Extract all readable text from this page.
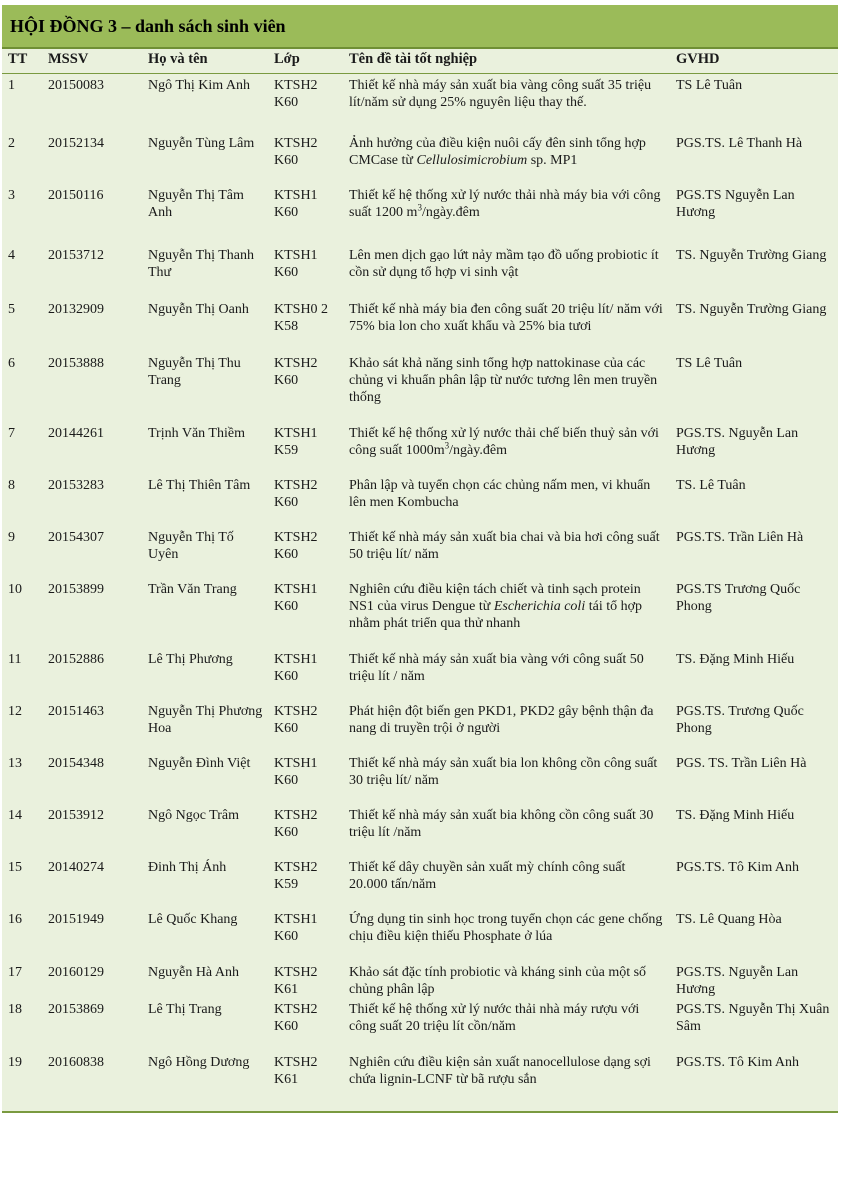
HỘI ĐỒNG 3 – danh sách sinh viên
TT	MSSV	Họ và tên	Lớp	Tên đề tài tốt nghiệp	GVHD
1	20150083	Ngô Thị Kim Anh	KTSH2 K60	Thiết kế nhà máy sản xuất bia vàng công suất 35 triệu lít/năm sử dụng 25% nguyên liệu thay thế.	TS Lê Tuân
2	20152134	Nguyễn Tùng Lâm	KTSH2 K60	Ảnh hưởng của điều kiện nuôi cấy đên sinh tổng hợp CMCase từ Cellulosimicrobium sp. MP1	PGS.TS. Lê Thanh Hà
3	20150116	Nguyễn Thị Tâm Anh	KTSH1 K60	Thiết kế hệ thống xử lý nước thải nhà máy bia với công suất 1200 $m^3/ngày.đêm$	PGS.TS Nguyễn Lan Hương
4	20153712	Nguyễn Thị Thanh Thư	KTSH1 K60	Lên men dịch gạo lứt nảy mầm tạo đồ uống probiotic ít cồn sử dụng tổ hợp vi sinh vật	TS. Nguyễn Trường Giang
5	20132909	Nguyễn Thị Oanh	KTSH0 2 K58	Thiết kế nhà máy bia đen công suất 20 triệu lít/ năm với 75% bia lon cho xuất khẩu và 25% bia tươi	TS. Nguyễn Trường Giang
6	20153888	Nguyễn Thị Thu Trang	KTSH2 K60	Khảo sát khả năng sinh tổng hợp nattokinase của các chủng vi khuẩn phân lập từ nước tương lên men truyền thống	TS Lê Tuân
7	20144261	Trịnh Văn Thiềm	KTSH1 K59	Thiết kế hệ thống xử lý nước thải chế biến thuỷ sản với công suất $1000m^3/ngày.đêm$	PGS.TS. Nguyễn Lan Hương
8	20153283	Lê Thị Thiên Tâm	KTSH2 K60	Phân lập và tuyển chọn các chủng nấm men, vi khuẩn lên men Kombucha	TS. Lê Tuân
9	20154307	Nguyễn Thị Tố Uyên	KTSH2 K60	Thiết kế nhà máy sản xuất bia chai và bia hơi công suất 50 triệu lít/ năm	PGS.TS. Trần Liên Hà
10	20153899	Trần Văn Trang	KTSH1 K60	Nghiên cứu điều kiện tách chiết và tinh sạch protein NS1 của virus Dengue từ Escherichia coli tái tổ hợp nhằm phát triển qua thử nhanh	PGS.TS Trương Quốc Phong
11	20152886	Lê Thị Phương	KTSH1 K60	Thiết kế nhà máy sản xuất bia vàng với công suất 50 triệu lít / năm	TS. Đặng Minh Hiếu
12	20151463	Nguyễn Thị Phương Hoa	KTSH2 K60	Phát hiện đột biến gen PKD1, PKD2 gây bệnh thận đa nang di truyền trội ở người	PGS.TS. Trương Quốc Phong
13	20154348	Nguyễn Đình Việt	KTSH1 K60	Thiết kế nhà máy sản xuất bia lon không cồn công suất 30 triệu lít/ năm	PGS. TS. Trần Liên Hà
14	20153912	Ngô Ngọc Trâm	KTSH2 K60	Thiết kế nhà máy sản xuất bia không cồn công suất 30 triệu lít /năm	TS. Đặng Minh Hiếu
15	20140274	Đinh Thị Ánh	KTSH2 K59	Thiết kế dây chuyền sản xuất mỳ chính công suất 20.000 tấn/năm	PGS.TS. Tô Kim Anh
16	20151949	Lê Quốc Khang	KTSH1 K60	Ứng dụng tin sinh học trong tuyển chọn các gene chống chịu điều kiện thiếu Phosphate ở lúa	TS. Lê Quang Hòa
17	20160129	Nguyễn Hà Anh	KTSH2 K61	Khảo sát đặc tính probiotic và kháng sinh của một số chủng phân lập	PGS.TS. Nguyễn Lan Hương
18	20153869	Lê Thị Trang	KTSH2 K60	Thiết kế hệ thống xử lý nước thải nhà máy rượu với công suất 20 triệu lít cồn/năm	PGS.TS. Nguyễn Thị Xuân Sâm
19	20160838	Ngô Hồng Dương	KTSH2 K61	Nghiên cứu điều kiện sản xuất nanocellulose dạng sợi chứa lignin-LCNF từ bã rượu sắn	PGS.TS. Tô Kim Anh
